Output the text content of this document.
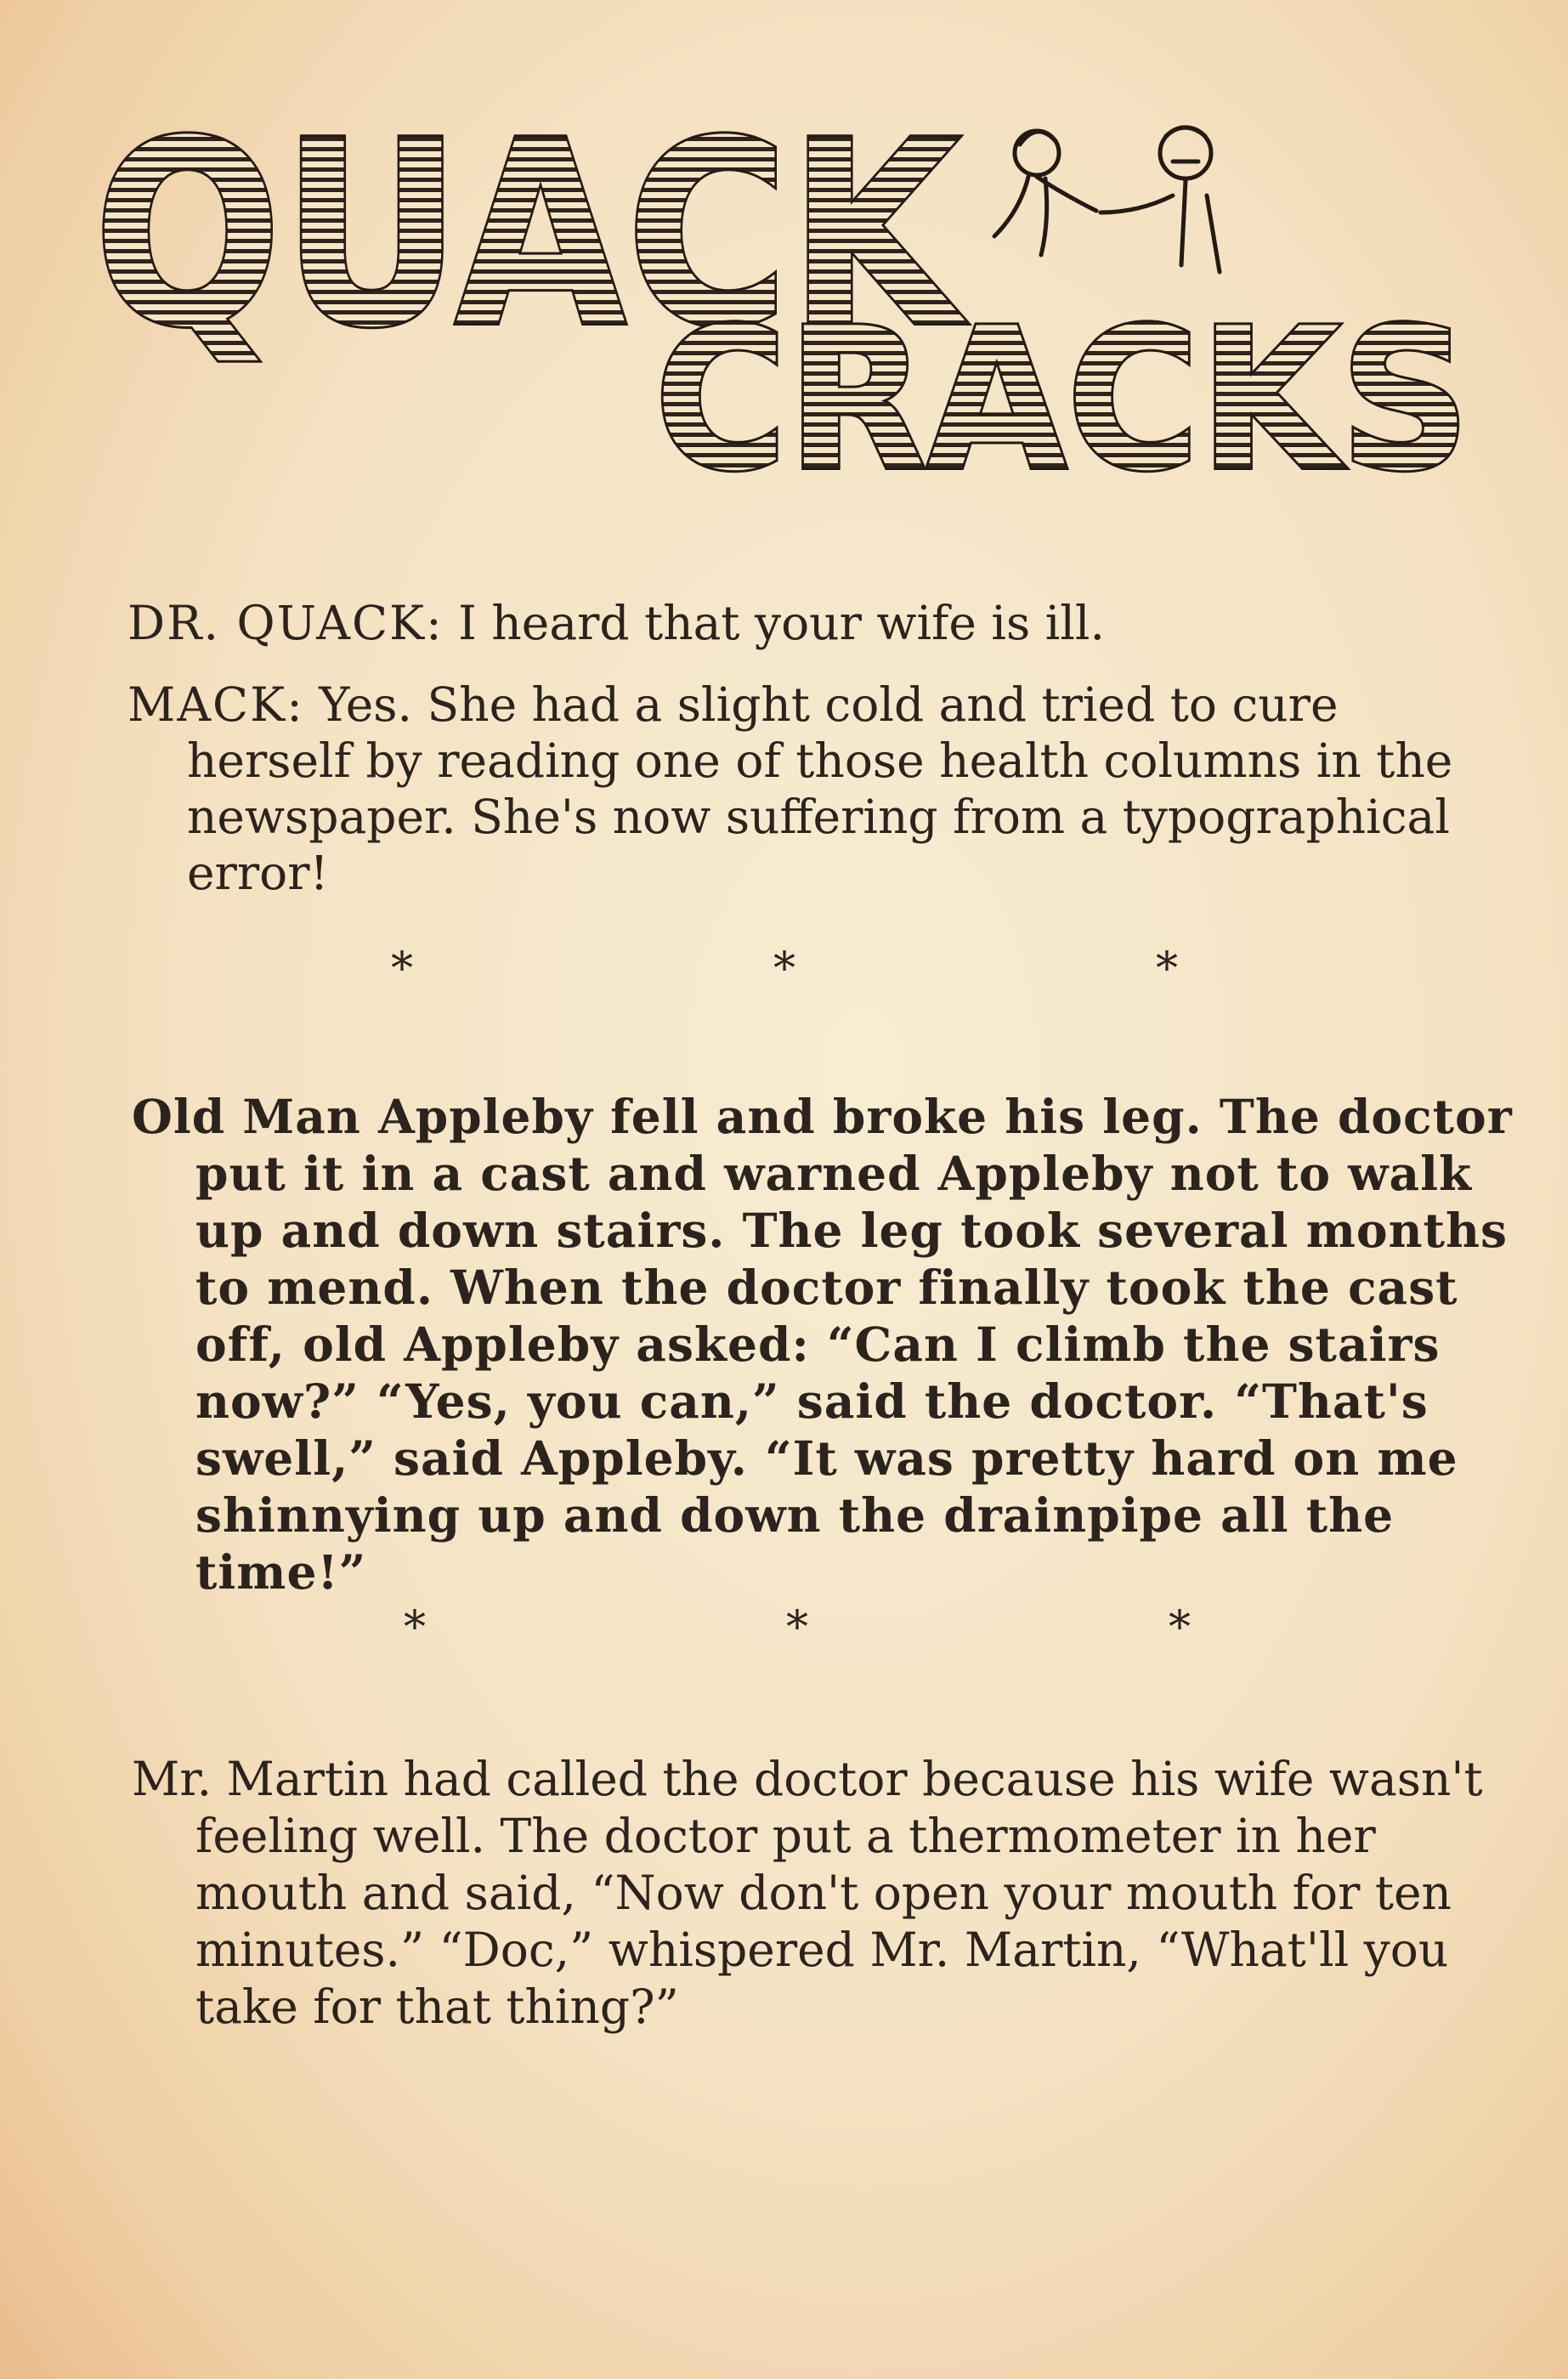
QUACK
CRACKS

DR. QUACK: I heard that your wife is ill.

MACK: Yes. She had a slight cold and tried to cure herself by reading one of those health columns in the newspaper. She's now suffering from a typographical error!

*	*	*

Old Man Appleby fell and broke his leg. The doctor put it in a cast and warned Appleby not to walk up and down stairs. The leg took several months to mend. When the doctor finally took the cast off, old Appleby asked: “Can I climb the stairs now?” “Yes, you can,” said the doctor. “That's swell,” said Appleby. “It was pretty hard on me shinnying up and down the drainpipe all the time!”

*	*	*

Mr. Martin had called the doctor because his wife wasn't feeling well. The doctor put a thermometer in her mouth and said, “Now don't open your mouth for ten minutes.” “Doc,” whispered Mr. Martin, “What'll you take for that thing?”
